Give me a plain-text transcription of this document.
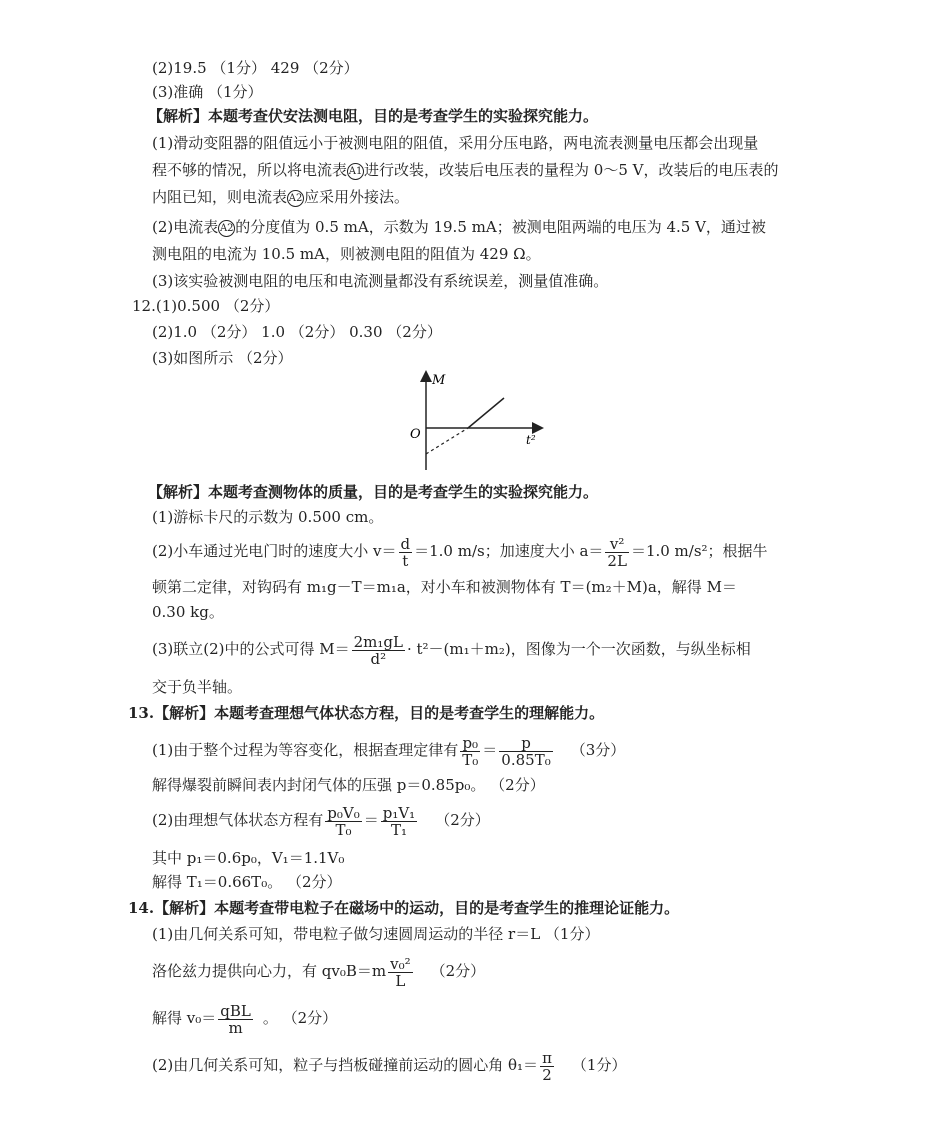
(2)19.5 （1分） 429 （2分）
(3)准确 （1分）
【解析】本题考查伏安法测电阻，目的是考查学生的实验探究能力。
(1)滑动变阻器的阻值远小于被测电阻的阻值，采用分压电路，两电流表测量电压都会出现量
程不够的情况，所以将电流表 A1 进行改装，改装后电压表的量程为 0～5 V，改装后的电压表的
内阻已知，则电流表 A2 应采用外接法。
(2)电流表 A2 的分度值为 0.5 mA，示数为 19.5 mA；被测电阻两端的电压为 4.5 V，通过被
测电阻的电流为 10.5 mA，则被测电阻的阻值为 429 Ω。
(3)该实验被测电阻的电压和电流测量都没有系统误差，测量值准确。
12.(1)0.500 （2分）
(2)1.0 （2分） 1.0 （2分） 0.30 （2分）
(3)如图所示 （2分）
M
t²
O
【解析】本题考查测物体的质量，目的是考查学生的实验探究能力。
(1)游标卡尺的示数为 0.500 cm。
(2)小车通过光电门时的速度大小 $v= \frac{d}{t} =1.0$ m/s；加速度大小 $a= \frac{\text{v²}}{2L} =1.0$ m/s²；根据牛
顿第二定律，对钩码有 m₁g－T＝m₁a，对小车和被测物体有 T＝(m₂＋M)a，解得 M＝
0.30 kg。
(3)联立(2)中的公式可得 $M= \frac{\text{2m₁gL}}{\text{d²}} \cdot t^2-(m_1+m_2)$，图像为一个一次函数，与纵坐标相
交于负半轴。
13.【解析】本题考查理想气体状态方程，目的是考查学生的理解能力。
(1)由于整个过程为等容变化，根据查理定律有 $\frac{\text{p₀}}{\text{T₀}} = \frac{p}{\text{0.85T₀}} (3$分）
解得爆裂前瞬间表内封闭气体的压强 p＝0.85p₀。 （2分）
(2)由理想气体状态方程有 $\frac{\text{p₀V₀}}{\text{T₀}} = \frac{\text{p₁V₁}}{\text{T₁}} (2$分）
其中 p₁＝0.6p₀，V₁＝1.1V₀
解得 T₁＝0.66T₀。 （2分）
14.【解析】本题考查带电粒子在磁场中的运动，目的是考查学生的推理论证能力。
(1)由几何关系可知，带电粒子做匀速圆周运动的半径 r＝L （1分）
洛伦兹力提供向心力，有 $qv_0B=m \frac{\text{v₀²}}{L} (2$分）
解得 $v_0= \frac{\text{qBL}}{m}$ 。 （2分）
(2)由几何关系可知，粒子与挡板碰撞前运动的圆心角 $\theta_1= \frac{\pi}{2} (1$分）
